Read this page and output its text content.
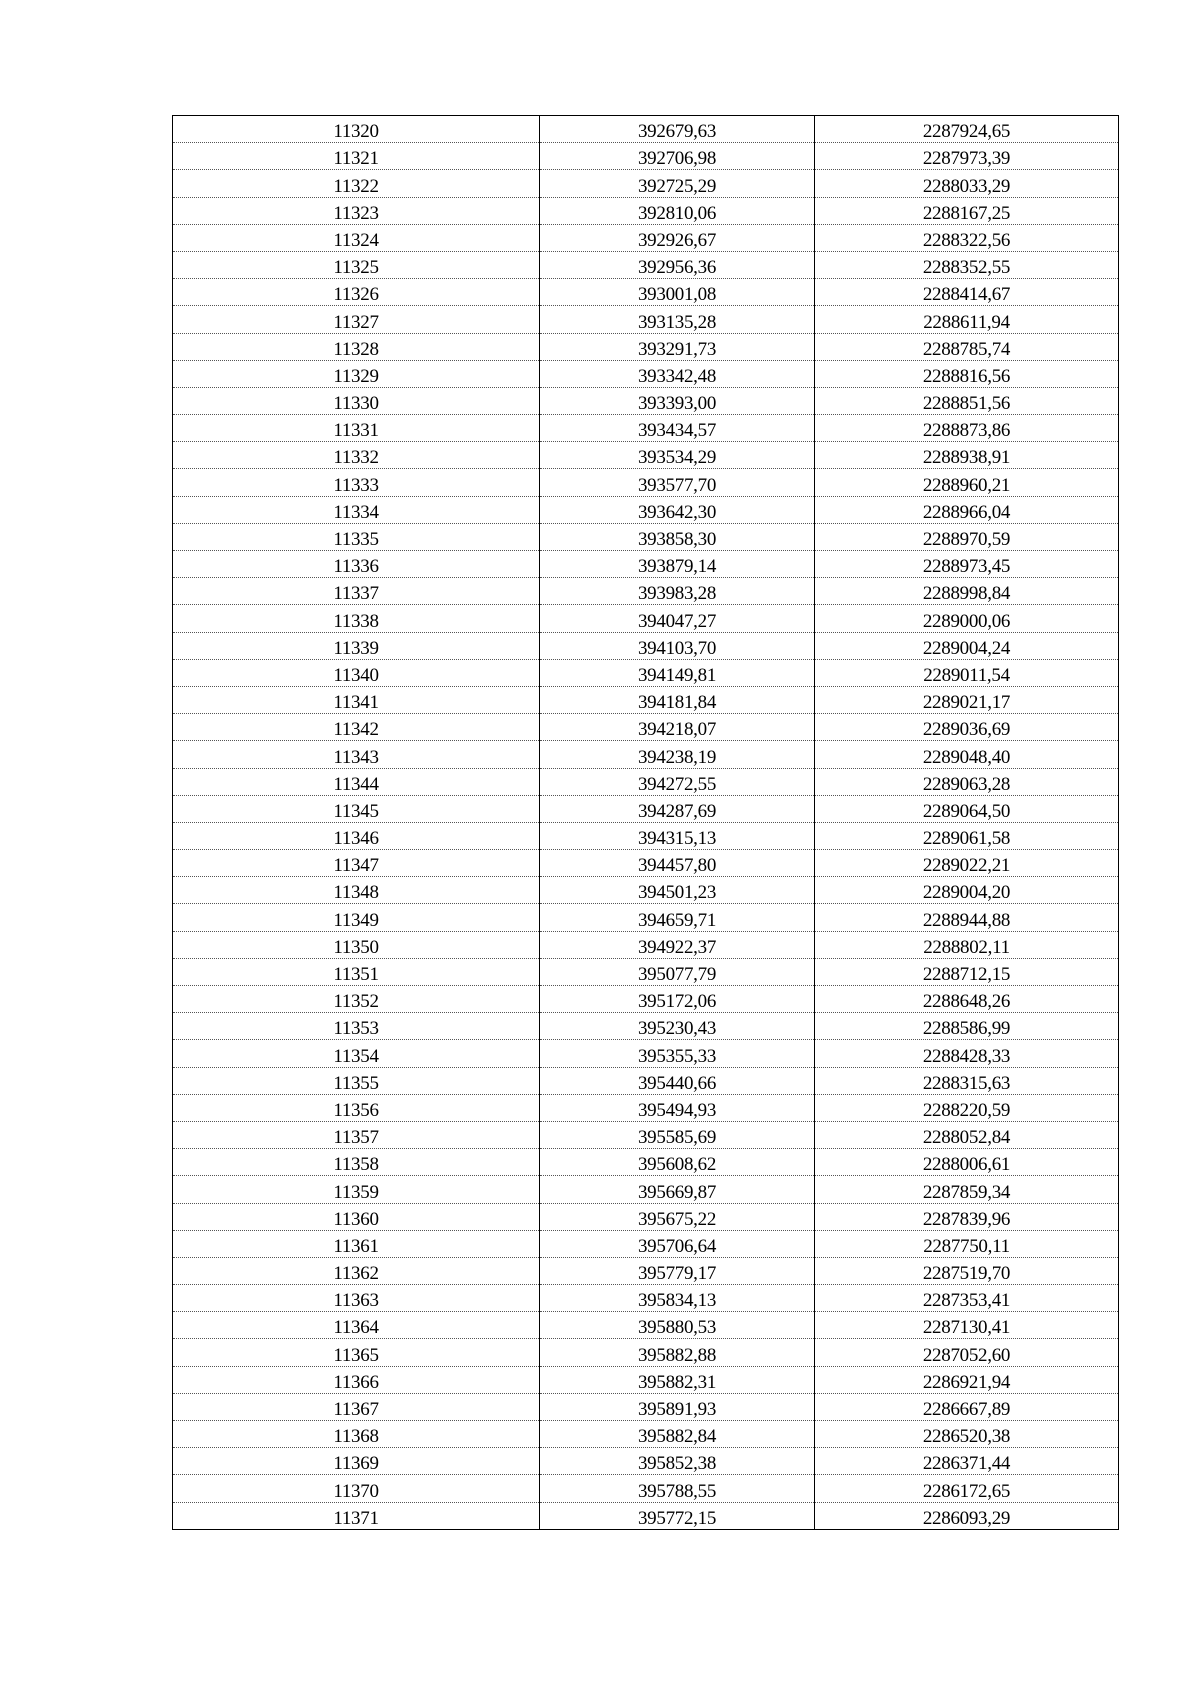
11320	392679,63	2287924,65
11321	392706,98	2287973,39
11322	392725,29	2288033,29
11323	392810,06	2288167,25
11324	392926,67	2288322,56
11325	392956,36	2288352,55
11326	393001,08	2288414,67
11327	393135,28	2288611,94
11328	393291,73	2288785,74
11329	393342,48	2288816,56
11330	393393,00	2288851,56
11331	393434,57	2288873,86
11332	393534,29	2288938,91
11333	393577,70	2288960,21
11334	393642,30	2288966,04
11335	393858,30	2288970,59
11336	393879,14	2288973,45
11337	393983,28	2288998,84
11338	394047,27	2289000,06
11339	394103,70	2289004,24
11340	394149,81	2289011,54
11341	394181,84	2289021,17
11342	394218,07	2289036,69
11343	394238,19	2289048,40
11344	394272,55	2289063,28
11345	394287,69	2289064,50
11346	394315,13	2289061,58
11347	394457,80	2289022,21
11348	394501,23	2289004,20
11349	394659,71	2288944,88
11350	394922,37	2288802,11
11351	395077,79	2288712,15
11352	395172,06	2288648,26
11353	395230,43	2288586,99
11354	395355,33	2288428,33
11355	395440,66	2288315,63
11356	395494,93	2288220,59
11357	395585,69	2288052,84
11358	395608,62	2288006,61
11359	395669,87	2287859,34
11360	395675,22	2287839,96
11361	395706,64	2287750,11
11362	395779,17	2287519,70
11363	395834,13	2287353,41
11364	395880,53	2287130,41
11365	395882,88	2287052,60
11366	395882,31	2286921,94
11367	395891,93	2286667,89
11368	395882,84	2286520,38
11369	395852,38	2286371,44
11370	395788,55	2286172,65
11371	395772,15	2286093,29
